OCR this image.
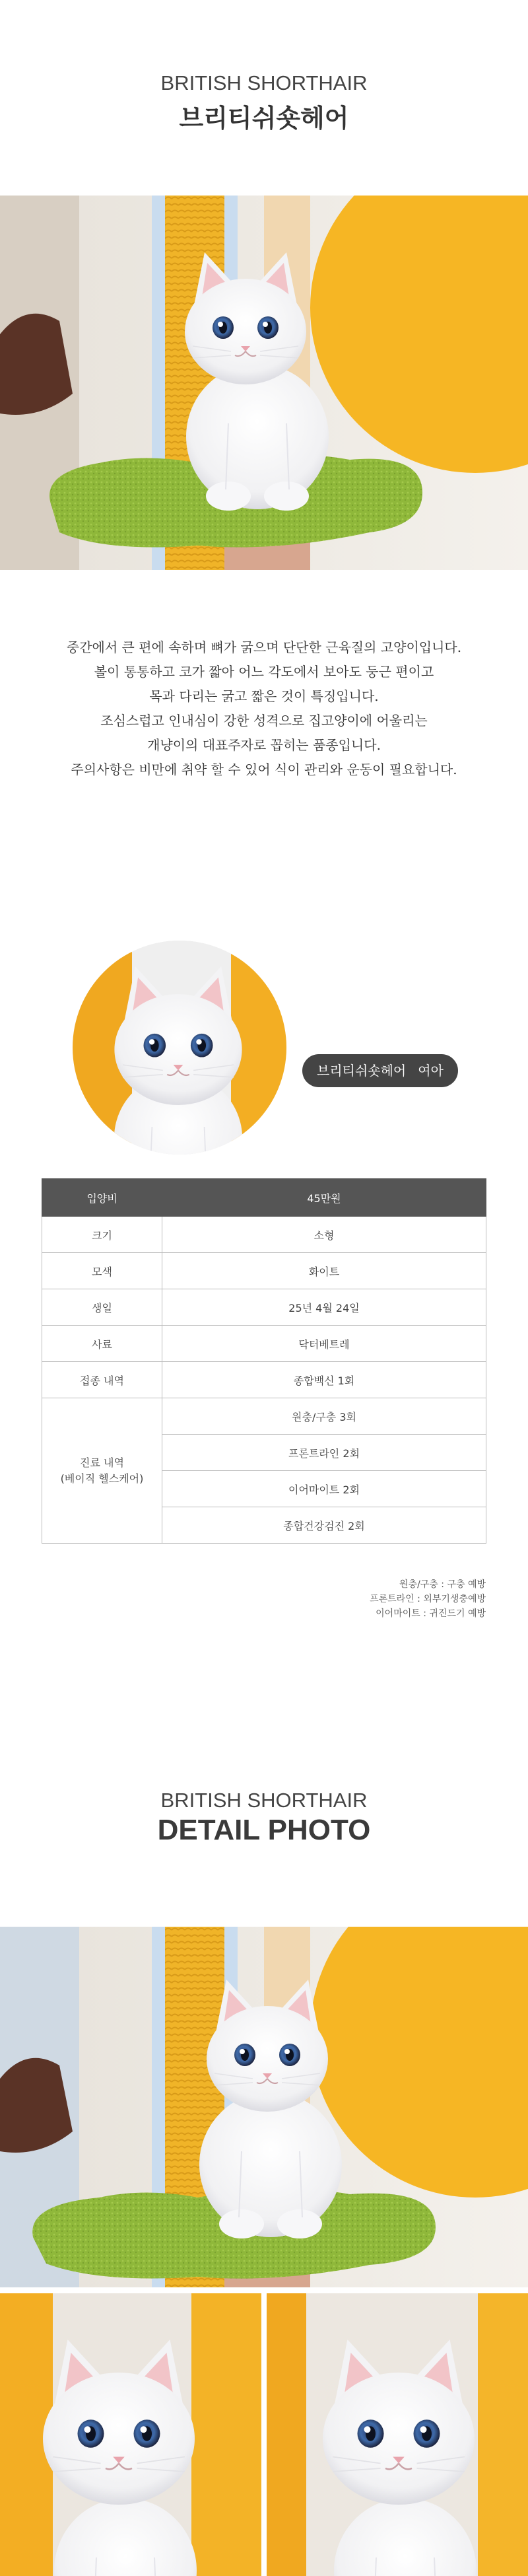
BRITISH SHORTHAIR
브리티쉬숏헤어
중간에서 큰 편에 속하며 뼈가 굵으며 단단한 근육질의 고양이입니다.
볼이 통통하고 코가 짧아 어느 각도에서 보아도 둥근 편이고
목과 다리는 굵고 짧은 것이 특징입니다.
조심스럽고 인내심이 강한 성격으로 집고양이에 어울리는
개냥이의 대표주자로 꼽히는 품종입니다.
주의사항은 비만에 취약 할 수 있어 식이 관리와 운동이 필요합니다.
브리티쉬숏헤어 여아
입양비	45만원
크기	소형
모색	화이트
생일	25년 4월 24일
사료	닥터베트레
접종 내역	종합백신 1회

진료 내역
(베이직 헬스케어)	원충/구충 3회
	프론트라인 2회
	이어마이트 2회
	종합건강검진 2회
원충/구충 : 구충 예방
프론트라인 : 외부기생충예방
이어마이트 : 귀진드기 예방
BRITISH SHORTHAIR
DETAIL PHOTO
